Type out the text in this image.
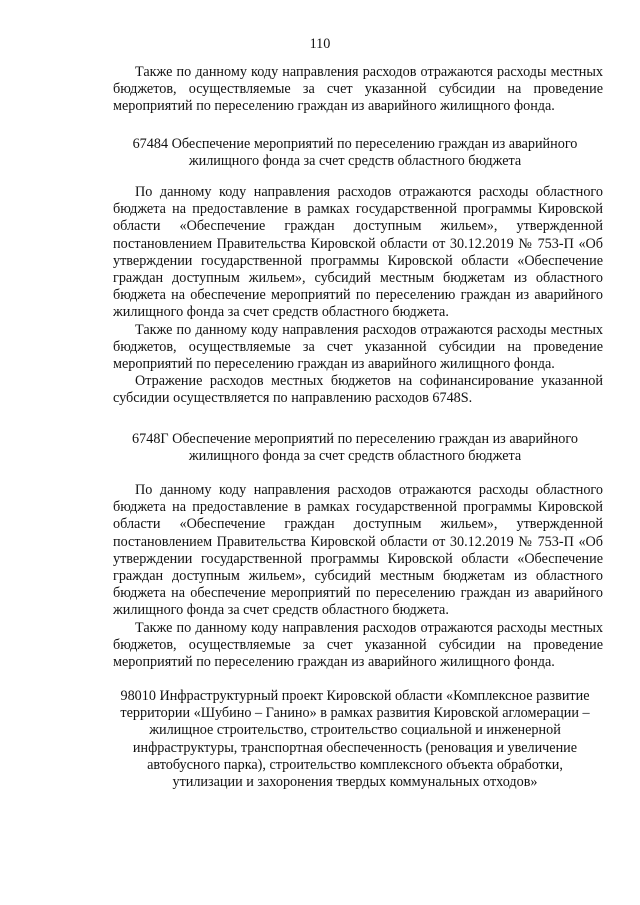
110

Также по данному коду направления расходов отражаются расходы местных бюджетов, осуществляемые за счет указанной субсидии на проведение мероприятий по переселению граждан из аварийного жилищного фонда.

67484 Обеспечение мероприятий по переселению граждан из аварийного жилищного фонда за счет средств областного бюджета

По данному коду направления расходов отражаются расходы областного бюджета на предоставление в рамках государственной программы Кировской области «Обеспечение граждан доступным жильем», утвержденной постановлением Правительства Кировской области от 30.12.2019 № 753-П «Об утверждении государственной программы Кировской области «Обеспечение граждан доступным жильем», субсидий местным бюджетам из областного бюджета на обеспечение мероприятий по переселению граждан из аварийного жилищного фонда за счет средств областного бюджета.

Также по данному коду направления расходов отражаются расходы местных бюджетов, осуществляемые за счет указанной субсидии на проведение мероприятий по переселению граждан из аварийного жилищного фонда.

Отражение расходов местных бюджетов на софинансирование указанной субсидии осуществляется по направлению расходов 6748S.

6748Г Обеспечение мероприятий по переселению граждан из аварийного жилищного фонда за счет средств областного бюджета

По данному коду направления расходов отражаются расходы областного бюджета на предоставление в рамках государственной программы Кировской области «Обеспечение граждан доступным жильем», утвержденной постановлением Правительства Кировской области от 30.12.2019 № 753-П «Об утверждении государственной программы Кировской области «Обеспечение граждан доступным жильем», субсидий местным бюджетам из областного бюджета на обеспечение мероприятий по переселению граждан из аварийного жилищного фонда за счет средств областного бюджета.

Также по данному коду направления расходов отражаются расходы местных бюджетов, осуществляемые за счет указанной субсидии на проведение мероприятий по переселению граждан из аварийного жилищного фонда.

98010 Инфраструктурный проект Кировской области «Комплексное развитие территории «Шубино – Ганино» в рамках развития Кировской агломерации – жилищное строительство, строительство социальной и инженерной инфраструктуры, транспортная обеспеченность (реновация и увеличение автобусного парка), строительство комплексного объекта обработки, утилизации и захоронения твердых коммунальных отходов»
